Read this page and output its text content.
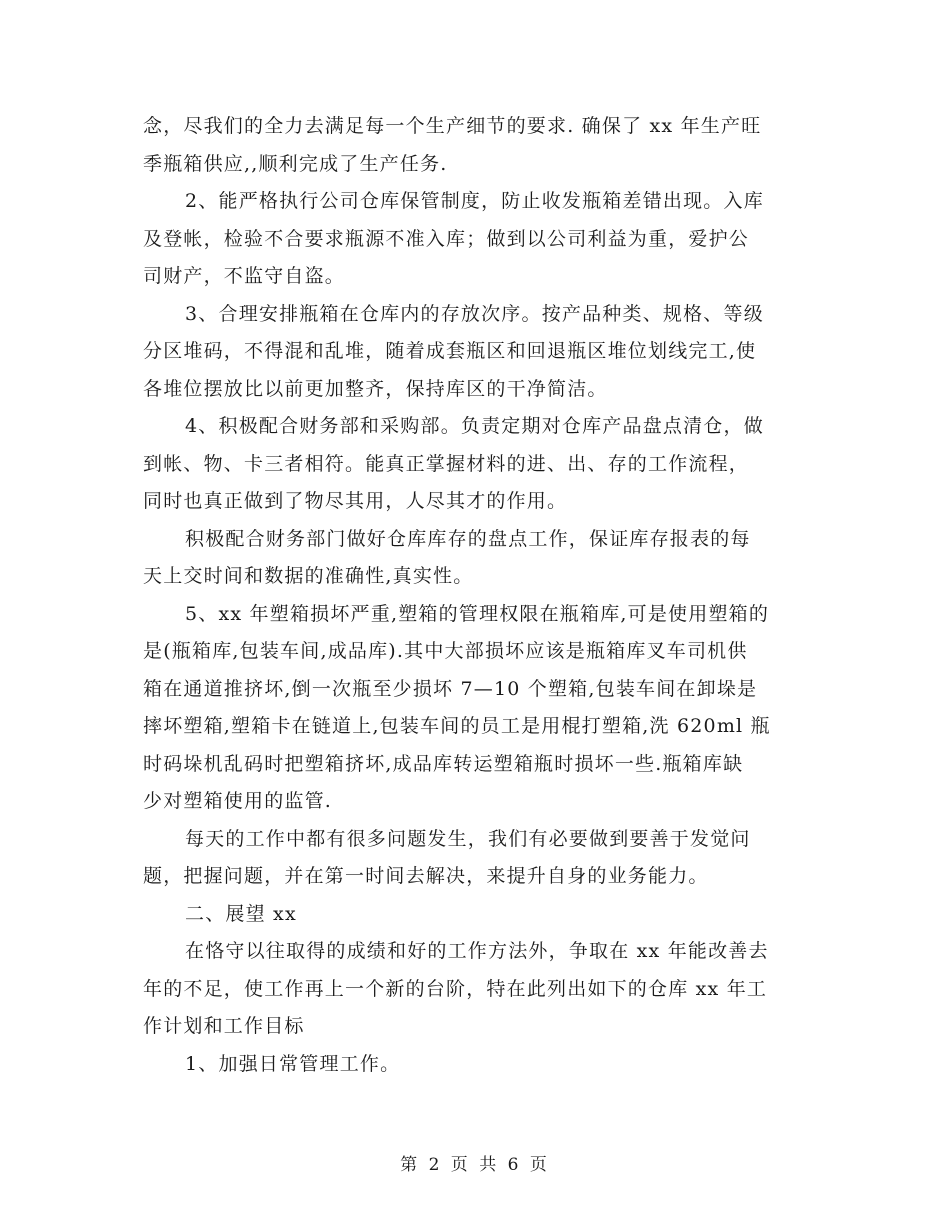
念，尽我们的全力去满足每一个生产细节的要求. 确保了 xx 年生产旺
季瓶箱供应,,顺利完成了生产任务.
2、能严格执行公司仓库保管制度，防止收发瓶箱差错出现。入库
及登帐，检验不合要求瓶源不准入库；做到以公司利益为重，爱护公
司财产，不监守自盗。
3、合理安排瓶箱在仓库内的存放次序。按产品种类、规格、等级
分区堆码，不得混和乱堆，随着成套瓶区和回退瓶区堆位划线完工,使
各堆位摆放比以前更加整齐，保持库区的干净简洁。
4、积极配合财务部和采购部。负责定期对仓库产品盘点清仓，做
到帐、物、卡三者相符。能真正掌握材料的进、出、存的工作流程，
同时也真正做到了物尽其用，人尽其才的作用。
积极配合财务部门做好仓库库存的盘点工作，保证库存报表的每
天上交时间和数据的准确性,真实性。
5、xx 年塑箱损坏严重,塑箱的管理权限在瓶箱库,可是使用塑箱的
是(瓶箱库,包装车间,成品库).其中大部损坏应该是瓶箱库叉车司机供
箱在通道推挤坏,倒一次瓶至少损坏 7—10 个塑箱,包装车间在卸垛是
摔坏塑箱,塑箱卡在链道上,包装车间的员工是用棍打塑箱,洗 620ml 瓶
时码垛机乱码时把塑箱挤坏,成品库转运塑箱瓶时损坏一些.瓶箱库缺
少对塑箱使用的监管.
每天的工作中都有很多问题发生，我们有必要做到要善于发觉问
题，把握问题，并在第一时间去解决，来提升自身的业务能力。
二、展望 xx
在恪守以往取得的成绩和好的工作方法外，争取在 xx 年能改善去
年的不足，使工作再上一个新的台阶，特在此列出如下的仓库 xx 年工
作计划和工作目标
1、加强日常管理工作。
第 2 页 共 6 页
